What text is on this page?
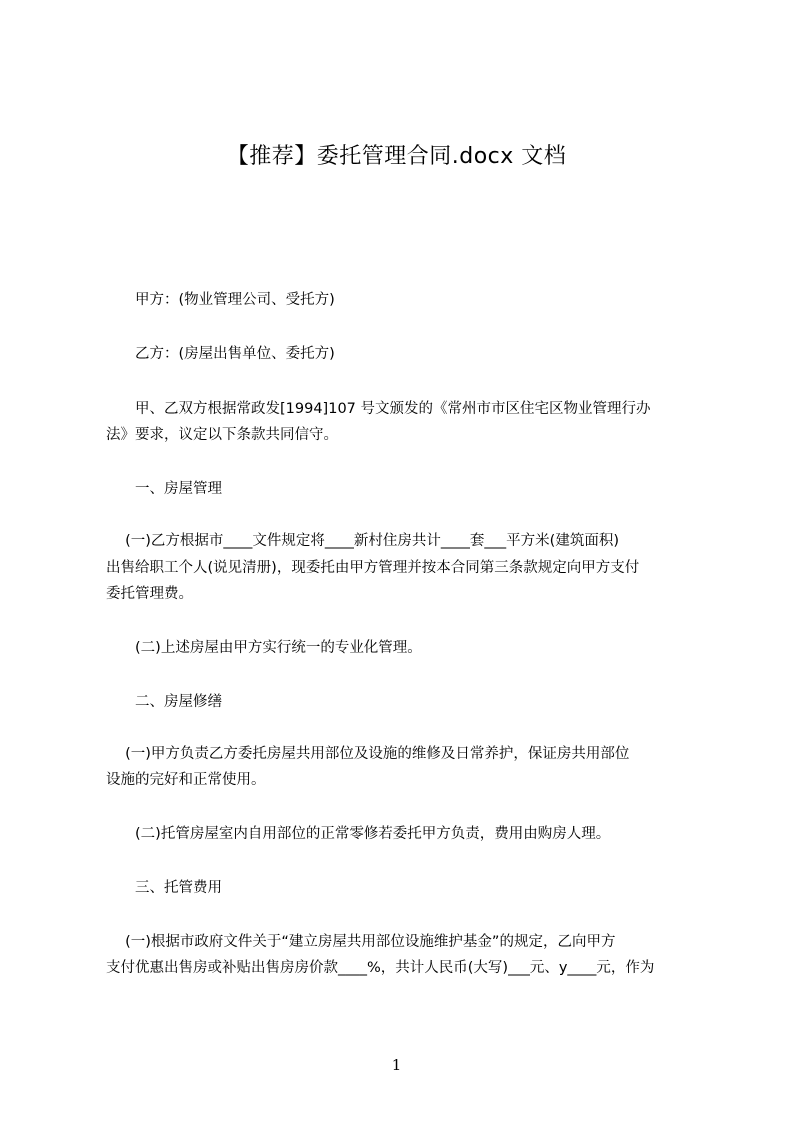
【推荐】委托管理合同.docx 文档
　　甲方：(物业管理公司、受托方)
　　乙方：(房屋出售单位、委托方)
　　甲、乙双方根据常政发[1994]107 号文颁发的《常州市市区住宅区物业管理行办
法》要求，议定以下条款共同信守。
　　一、房屋管理
　 (一)乙方根据市____文件规定将____新村住房共计____套___平方米(建筑面积)
出售给职工个人(说见清册)，现委托由甲方管理并按本合同第三条款规定向甲方支付
委托管理费。
　　(二)上述房屋由甲方实行统一的专业化管理。
　　二、房屋修缮
　 (一)甲方负责乙方委托房屋共用部位及设施的维修及日常养护，保证房共用部位
设施的完好和正常使用。
　　(二)托管房屋室内自用部位的正常零修若委托甲方负责，费用由购房人理。
　　三、托管费用
　 (一)根据市政府文件关于“建立房屋共用部位设施维护基金”的规定，乙向甲方
支付优惠出售房或补贴出售房房价款____%，共计人民币(大写)___元、y____元，作为
1
